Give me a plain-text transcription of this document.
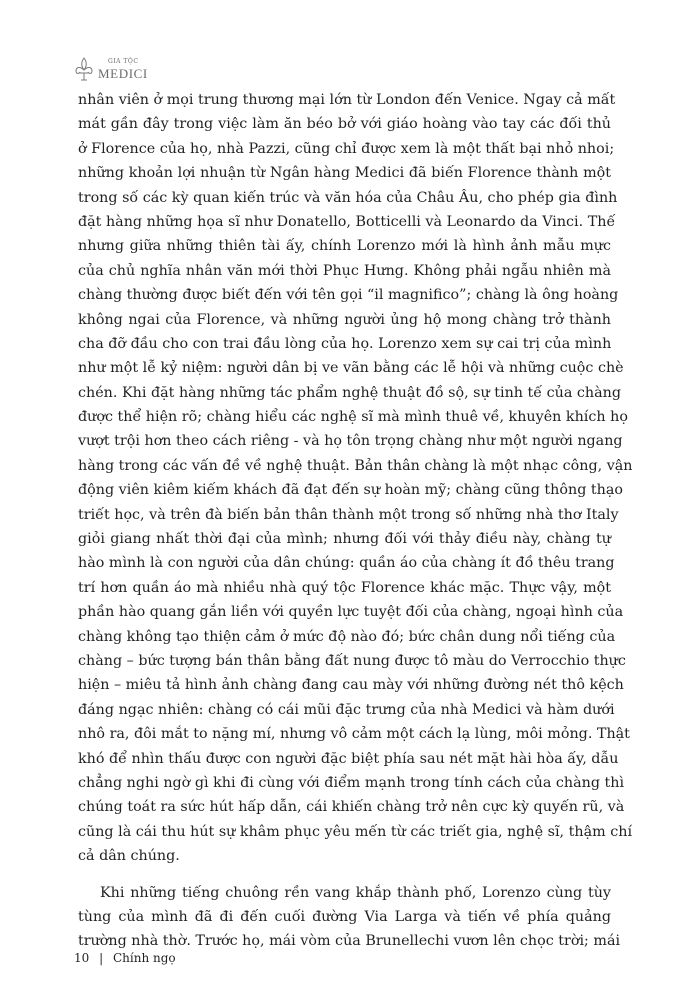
GIA TỘC
MEDICI
nhân viên ở mọi trung thương mại lớn từ London đến Venice. Ngay cả mất
mát gần đây trong việc làm ăn béo bở với giáo hoàng vào tay các đối thủ
ở Florence của họ, nhà Pazzi, cũng chỉ được xem là một thất bại nhỏ nhoi;
những khoản lợi nhuận từ Ngân hàng Medici đã biến Florence thành một
trong số các kỳ quan kiến trúc và văn hóa của Châu Âu, cho phép gia đình
đặt hàng những họa sĩ như Donatello, Botticelli và Leonardo da Vinci. Thế
nhưng giữa những thiên tài ấy, chính Lorenzo mới là hình ảnh mẫu mực
của chủ nghĩa nhân văn mới thời Phục Hưng. Không phải ngẫu nhiên mà
chàng thường được biết đến với tên gọi “il magnifico”; chàng là ông hoàng
không ngai của Florence, và những người ủng hộ mong chàng trở thành
cha đỡ đầu cho con trai đầu lòng của họ. Lorenzo xem sự cai trị của mình
như một lễ kỷ niệm: người dân bị ve vãn bằng các lễ hội và những cuộc chè
chén. Khi đặt hàng những tác phẩm nghệ thuật đồ sộ, sự tinh tế của chàng
được thể hiện rõ; chàng hiểu các nghệ sĩ mà mình thuê về, khuyên khích họ
vượt trội hơn theo cách riêng - và họ tôn trọng chàng như một người ngang
hàng trong các vấn đề về nghệ thuật. Bản thân chàng là một nhạc công, vận
động viên kiêm kiếm khách đã đạt đến sự hoàn mỹ; chàng cũng thông thạo
triết học, và trên đà biến bản thân thành một trong số những nhà thơ Italy
giỏi giang nhất thời đại của mình; nhưng đối với thảy điều này, chàng tự
hào mình là con người của dân chúng: quần áo của chàng ít đồ thêu trang
trí hơn quần áo mà nhiều nhà quý tộc Florence khác mặc. Thực vậy, một
phần hào quang gắn liền với quyền lực tuyệt đối của chàng, ngoại hình của
chàng không tạo thiện cảm ở mức độ nào đó; bức chân dung nổi tiếng của
chàng – bức tượng bán thân bằng đất nung được tô màu do Verrocchio thực
hiện – miêu tả hình ảnh chàng đang cau mày với những đường nét thô kệch
đáng ngạc nhiên: chàng có cái mũi đặc trưng của nhà Medici và hàm dưới
nhô ra, đôi mắt to nặng mí, nhưng vô cảm một cách lạ lùng, môi mỏng. Thật
khó để nhìn thấu được con người đặc biệt phía sau nét mặt hài hòa ấy, dẫu
chẳng nghi ngờ gì khi đi cùng với điểm mạnh trong tính cách của chàng thì
chúng toát ra sức hút hấp dẫn, cái khiến chàng trở nên cực kỳ quyến rũ, và
cũng là cái thu hút sự khâm phục yêu mến từ các triết gia, nghệ sĩ, thậm chí
cả dân chúng.
Khi những tiếng chuông rền vang khắp thành phố, Lorenzo cùng tùy
tùng của mình đã đi đến cuối đường Via Larga và tiến về phía quảng
trường nhà thờ. Trước họ, mái vòm của Brunellechi vươn lên chọc trời; mái
10 | Chính ngọ
